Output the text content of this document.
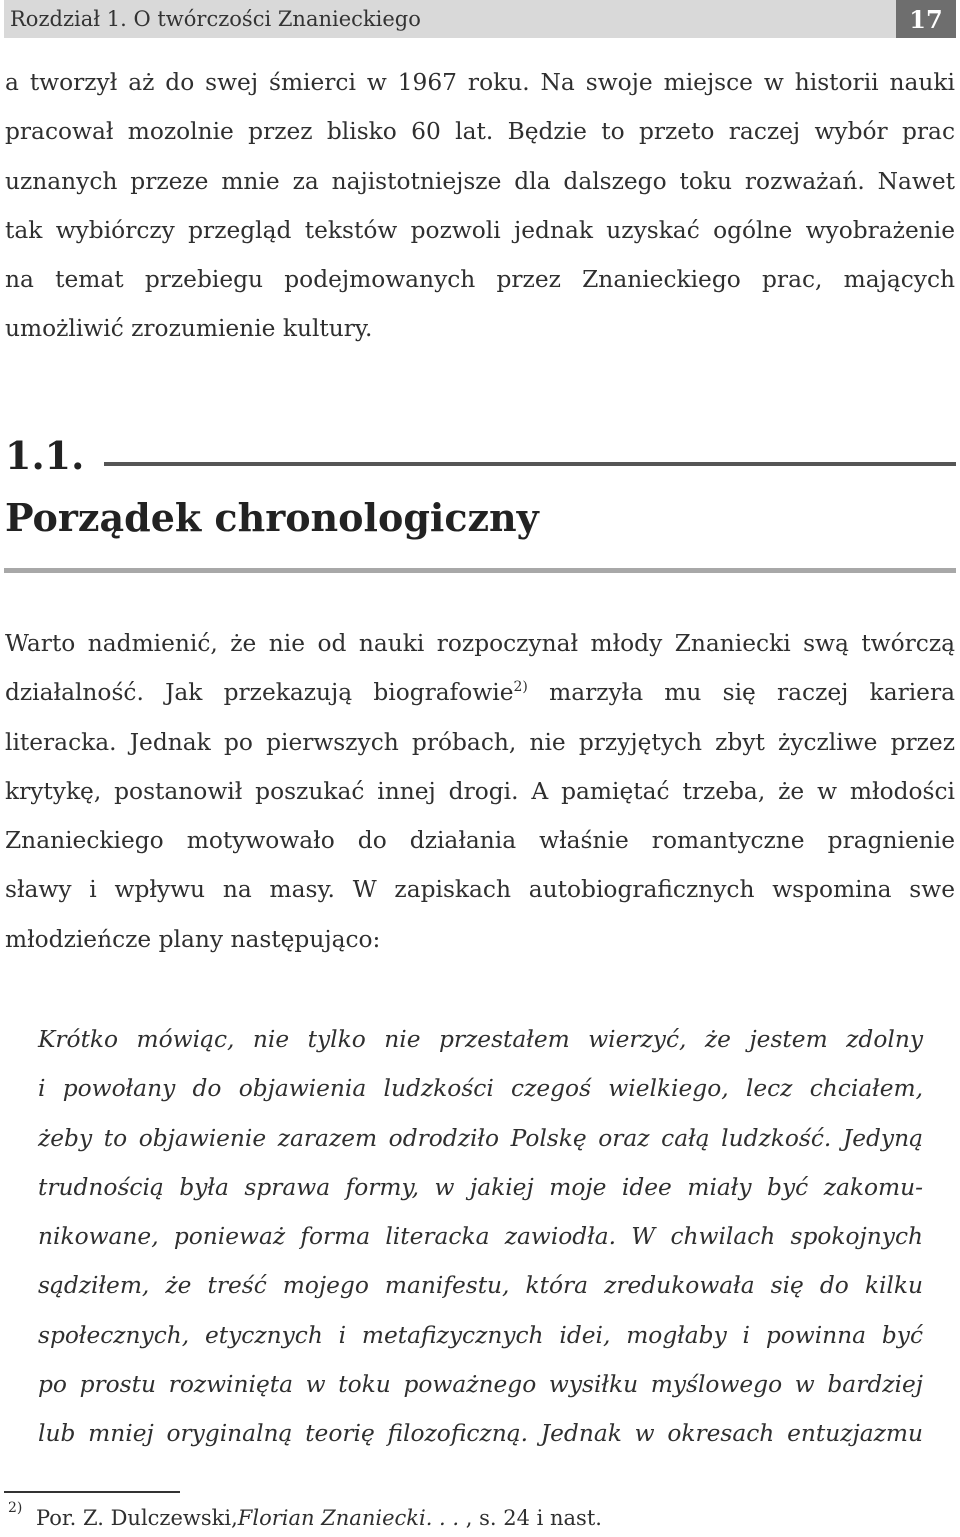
Rozdział 1. O twórczości Znanieckiego	17
a tworzył aż do swej śmierci w 1967 roku. Na swoje miejsce w historii nauki
pracował mozolnie przez blisko 60 lat. Będzie to przeto raczej wybór prac
uznanych przeze mnie za najistotniejsze dla dalszego toku rozważań. Nawet
tak wybiórczy przegląd tekstów pozwoli jednak uzyskać ogólne wyobrażenie
na temat przebiegu podejmowanych przez Znanieckiego prac, mających
umożliwić zrozumienie kultury.
1.1.
Porządek chronologiczny
Warto nadmienić, że nie od nauki rozpoczynał młody Znaniecki swą twórczą
działalność. Jak przekazują biografowie$^{2)}$ marzyła mu się raczej kariera
literacka. Jednak po pierwszych próbach, nie przyjętych zbyt życzliwe przez
krytykę, postanowił poszukać innej drogi. A pamiętać trzeba, że w młodości
Znanieckiego motywowało do działania właśnie romantyczne pragnienie
sławy i wpływu na masy. W zapiskach autobiograficznych wspomina swe
młodzieńcze plany następująco:
Krótko mówiąc, nie tylko nie przestałem wierzyć, że jestem zdolny
i powołany do objawienia ludzkości czegoś wielkiego, lecz chciałem,
żeby to objawienie zarazem odrodziło Polskę oraz całą ludzkość. Jedyną
trudnością była sprawa formy, w jakiej moje idee miały być zakomu-
nikowane, ponieważ forma literacka zawiodła. W chwilach spokojnych
sądziłem, że treść mojego manifestu, która zredukowała się do kilku
społecznych, etycznych i metafizycznych idei, mogłaby i powinna być
po prostu rozwinięta w toku poważnego wysiłku myślowego w bardziej
lub mniej oryginalną teorię filozoficzną. Jednak w okresach entuzjazmu
2) Por. Z. Dulczewski,Florian Znaniecki. . . , s. 24 i nast.
